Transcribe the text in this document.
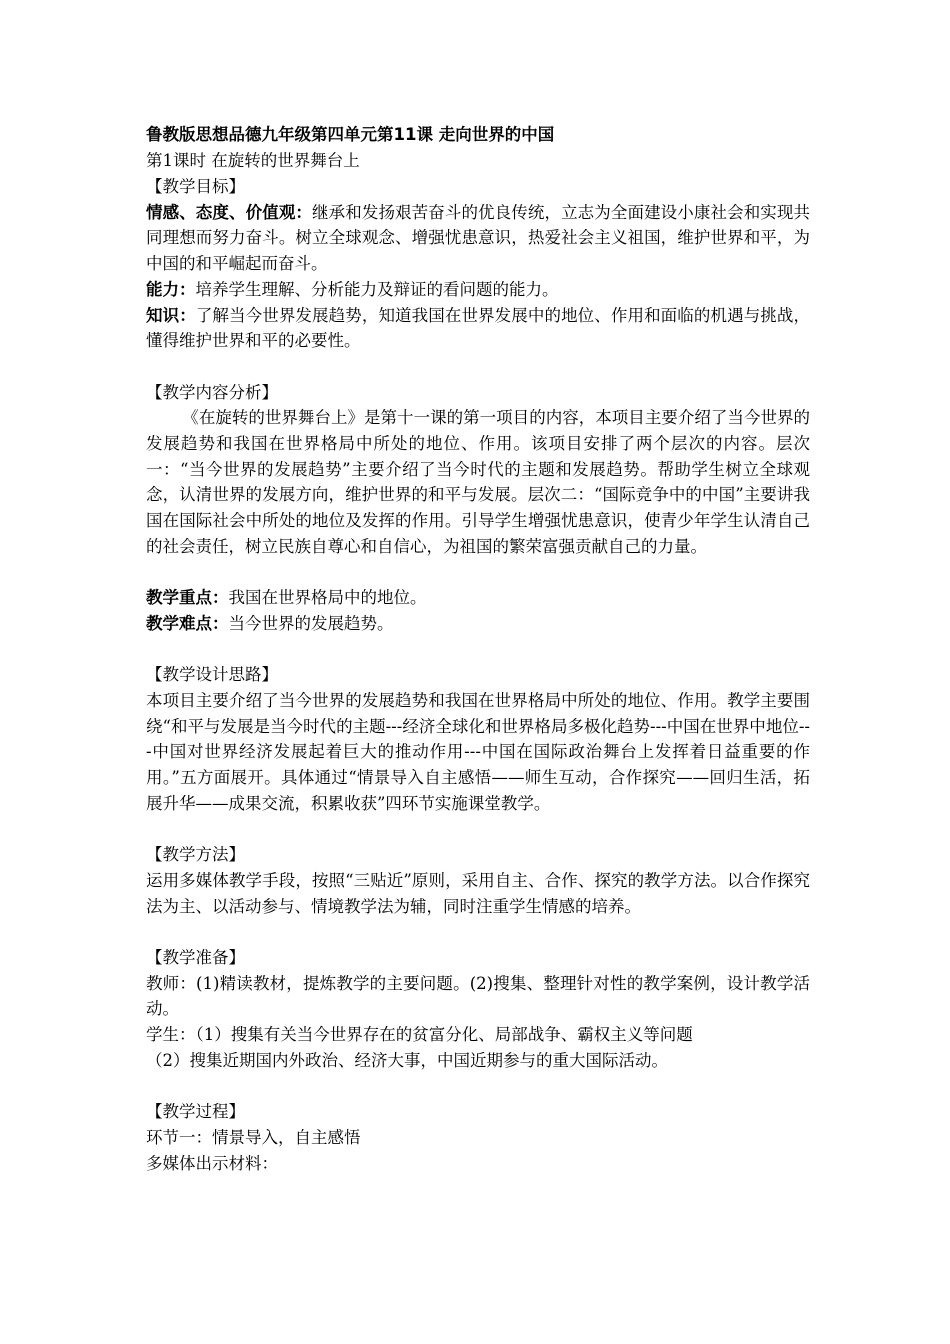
鲁教版思想品德九年级第四单元第11课 走向世界的中国

第1课时 在旋转的世界舞台上

【教学目标】

情感、态度、价值观：继承和发扬艰苦奋斗的优良传统，立志为全面建设小康社会和实现共同理想而努力奋斗。树立全球观念、增强忧患意识，热爱社会主义祖国，维护世界和平，为中国的和平崛起而奋斗。

能力：培养学生理解、分析能力及辩证的看问题的能力。

知识：了解当今世界发展趋势，知道我国在世界发展中的地位、作用和面临的机遇与挑战，懂得维护世界和平的必要性。

【教学内容分析】

《在旋转的世界舞台上》是第十一课的第一项目的内容，本项目主要介绍了当今世界的发展趋势和我国在世界格局中所处的地位、作用。该项目安排了两个层次的内容。层次一：“当今世界的发展趋势”主要介绍了当今时代的主题和发展趋势。帮助学生树立全球观念，认清世界的发展方向，维护世界的和平与发展。层次二：“国际竞争中的中国”主要讲我国在国际社会中所处的地位及发挥的作用。引导学生增强忧患意识，使青少年学生认清自己的社会责任，树立民族自尊心和自信心，为祖国的繁荣富强贡献自己的力量。

教学重点：我国在世界格局中的地位。

教学难点：当今世界的发展趋势。

【教学设计思路】

本项目主要介绍了当今世界的发展趋势和我国在世界格局中所处的地位、作用。教学主要围绕“和平与发展是当今时代的主题---经济全球化和世界格局多极化趋势---中国在世界中地位---中国对世界经济发展起着巨大的推动作用---中国在国际政治舞台上发挥着日益重要的作用。”五方面展开。具体通过“情景导入自主感悟——师生互动，合作探究——回归生活，拓展升华——成果交流，积累收获”四环节实施课堂教学。

【教学方法】

运用多媒体教学手段，按照“三贴近”原则，采用自主、合作、探究的教学方法。以合作探究法为主、以活动参与、情境教学法为辅，同时注重学生情感的培养。

【教学准备】

教师：(1)精读教材，提炼教学的主要问题。(2)搜集、整理针对性的教学案例，设计教学活动。

学生：（1）搜集有关当今世界存在的贫富分化、局部战争、霸权主义等问题

（2）搜集近期国内外政治、经济大事，中国近期参与的重大国际活动。

【教学过程】

环节一：情景导入，自主感悟

多媒体出示材料：
